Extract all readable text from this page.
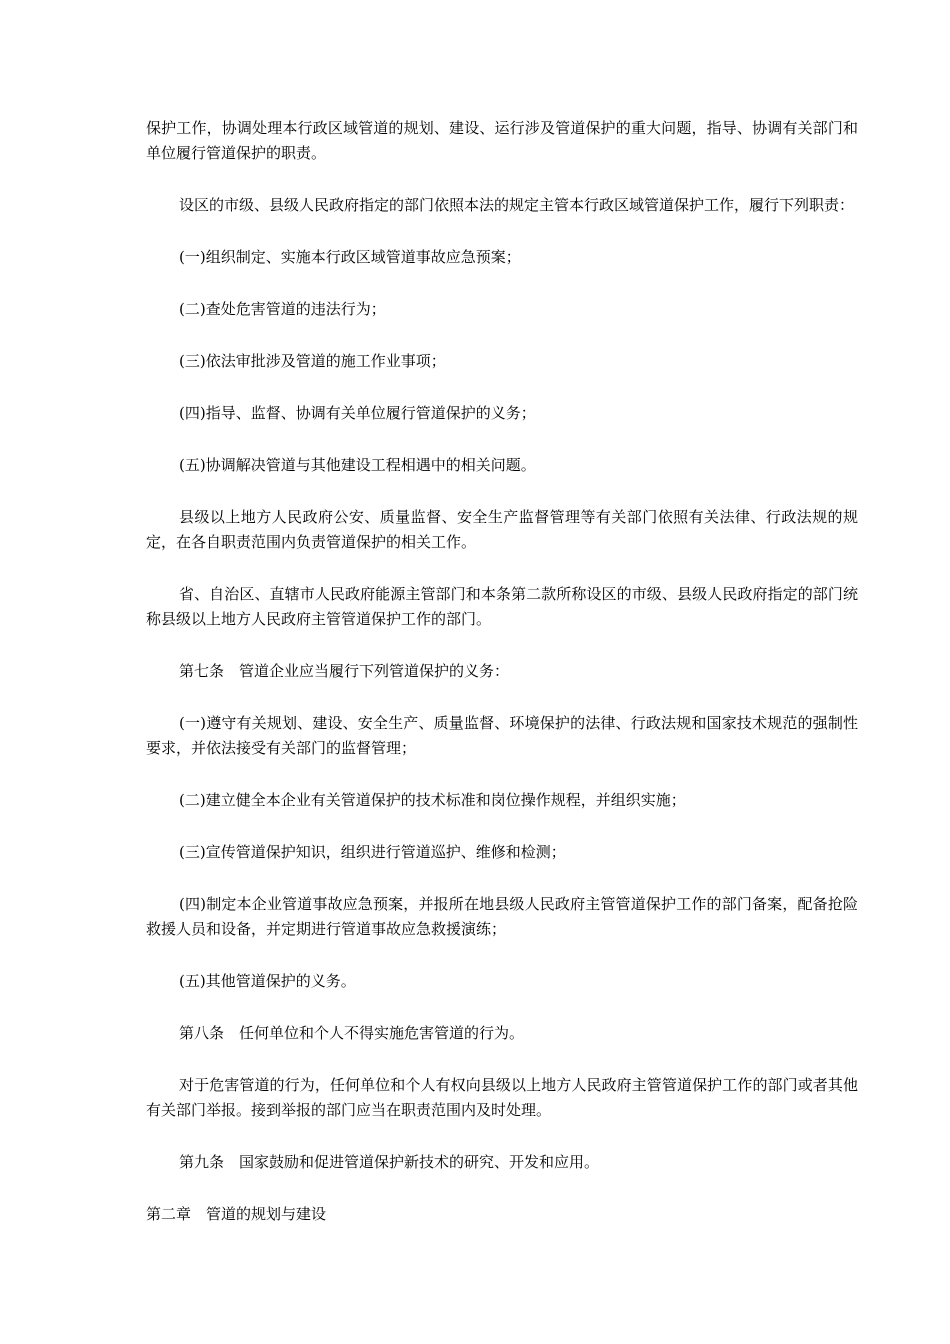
保护工作，协调处理本行政区域管道的规划、建设、运行涉及管道保护的重大问题，指导、协调有关部门和单位履行管道保护的职责。

设区的市级、县级人民政府指定的部门依照本法的规定主管本行政区域管道保护工作，履行下列职责：

(一)组织制定、实施本行政区域管道事故应急预案；

(二)查处危害管道的违法行为；

(三)依法审批涉及管道的施工作业事项；

(四)指导、监督、协调有关单位履行管道保护的义务；

(五)协调解决管道与其他建设工程相遇中的相关问题。

县级以上地方人民政府公安、质量监督、安全生产监督管理等有关部门依照有关法律、行政法规的规定，在各自职责范围内负责管道保护的相关工作。

省、自治区、直辖市人民政府能源主管部门和本条第二款所称设区的市级、县级人民政府指定的部门统称县级以上地方人民政府主管管道保护工作的部门。

第七条　管道企业应当履行下列管道保护的义务：

(一)遵守有关规划、建设、安全生产、质量监督、环境保护的法律、行政法规和国家技术规范的强制性要求，并依法接受有关部门的监督管理；

(二)建立健全本企业有关管道保护的技术标准和岗位操作规程，并组织实施；

(三)宣传管道保护知识，组织进行管道巡护、维修和检测；

(四)制定本企业管道事故应急预案，并报所在地县级人民政府主管管道保护工作的部门备案，配备抢险救援人员和设备，并定期进行管道事故应急救援演练；

(五)其他管道保护的义务。

第八条　任何单位和个人不得实施危害管道的行为。

对于危害管道的行为，任何单位和个人有权向县级以上地方人民政府主管管道保护工作的部门或者其他有关部门举报。接到举报的部门应当在职责范围内及时处理。

第九条　国家鼓励和促进管道保护新技术的研究、开发和应用。

第二章　管道的规划与建设
